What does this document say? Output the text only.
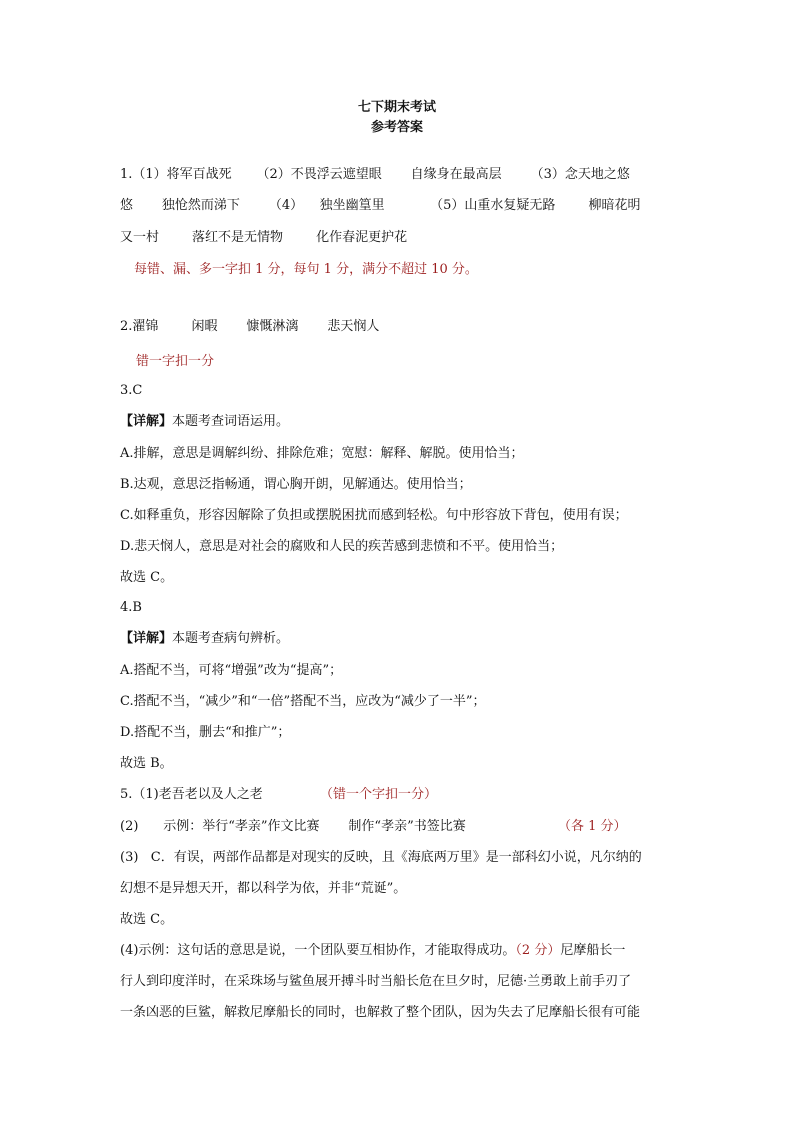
七下期末考试
参考答案
1.（1）将军百战死      （2）不畏浮云遮望眼       自缘身在最高层       （3）念天地之悠
悠       独怆然而涕下       （4）    独坐幽篁里           （5）山重水复疑无路        柳暗花明
又一村        落红不是无情物        化作春泥更护花
每错、漏、多一字扣 1 分，每句 1 分，满分不超过 10 分。
2.濯锦        闲暇       慷慨淋漓       悲天悯人
错一字扣一分
3.C
【详解】本题考查词语运用。
A.排解，意思是调解纠纷、排除危难；宽慰：解释、解脱。使用恰当；
B.达观，意思泛指畅通，谓心胸开朗，见解通达。使用恰当；
C.如释重负，形容因解除了负担或摆脱困扰而感到轻松。句中形容放下背包，使用有误；
D.悲天悯人，意思是对社会的腐败和人民的疾苦感到悲愤和不平。使用恰当；
故选 C。
4.B
【详解】本题考查病句辨析。
A.搭配不当，可将“增强”改为“提高”；
C.搭配不当，“减少”和“一倍”搭配不当，应改为“减少了一半”；
D.搭配不当，删去“和推广”；
故选 B。
5.（1)老吾老以及人之老	（错一个字扣一分）
(2)      示例：举行“孝亲”作文比赛       制作“孝亲”书签比赛	（各 1 分）
(3)   C．有误，两部作品都是对现实的反映，且《海底两万里》是一部科幻小说，凡尔纳的
幻想不是异想天开，都以科学为依，并非“荒诞”。
故选 C。
(4)示例：这句话的意思是说，一个团队要互相协作，才能取得成功。（2 分）尼摩船长一
行人到印度洋时，在采珠场与鲨鱼展开搏斗时当船长危在旦夕时，尼德·兰勇敢上前手刃了
一条凶恶的巨鲨，解救尼摩船长的同时，也解救了整个团队，因为失去了尼摩船长很有可能
